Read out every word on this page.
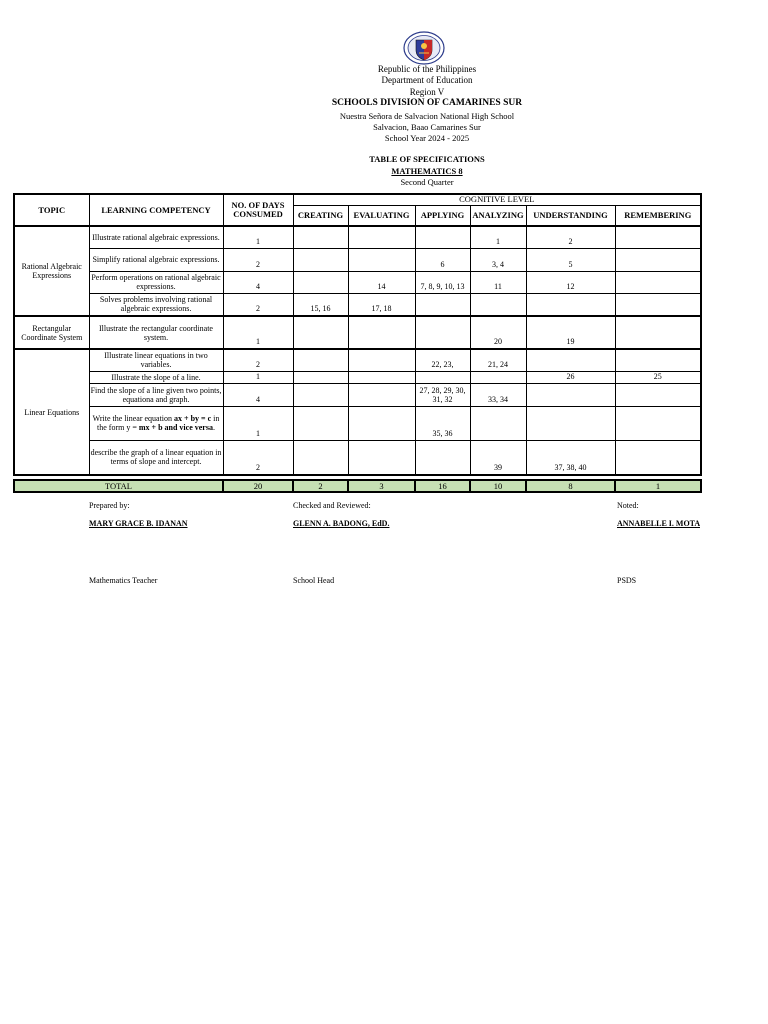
Republic of the Philippines
Department of Education
Region V
SCHOOLS DIVISION OF CAMARINES SUR
Nuestra Señora de Salvacion National High School
Salvacion, Baao Camarines Sur
School Year 2024 - 2025
TABLE OF SPECIFICATIONS
MATHEMATICS 8
Second Quarter
TOPIC	LEARNING COMPETENCY	NO. OF DAYS CONSUMED	COGNITIVE LEVEL					
			CREATING	EVALUATING	APPLYING	ANALYZING	UNDERSTANDING	REMEMBERING
Rational Algebraic Expressions	Illustrate rational algebraic expressions.	1				1	2	
	Simplify rational algebraic expressions.	2			6	3, 4	5	
	Perform operations on rational algebraic expressions.	4		14	7, 8, 9, 10, 13	11	12	
	Solves problems involving rational algebraic expressions.	2	15, 16	17, 18				
Rectangular Coordinate System	Illustrate the rectangular coordinate system.	1				20	19	
Linear Equations	Illustrate linear equations in two variables.	2			22, 23,	21, 24		
	Illustrate the slope of a line.	1					26	25
	Find the slope of a line given two points, equationa and graph.	4			27, 28, 29, 30, 31, 32	33, 34		
	Write the linear equation ax + by = c in the form y = mx + b and vice versa.	1			35, 36			
	describe the graph of a linear equation in terms of slope and intercept.	2				39	37, 38, 40	

TOTAL		20	2	3	16	10	8	1
Prepared by:
MARY GRACE B. IDANAN
Mathematics Teacher
Checked and Reviewed:
GLENN A. BADONG, EdD.
School Head
Noted:
ANNABELLE I. MOTA
PSDS
